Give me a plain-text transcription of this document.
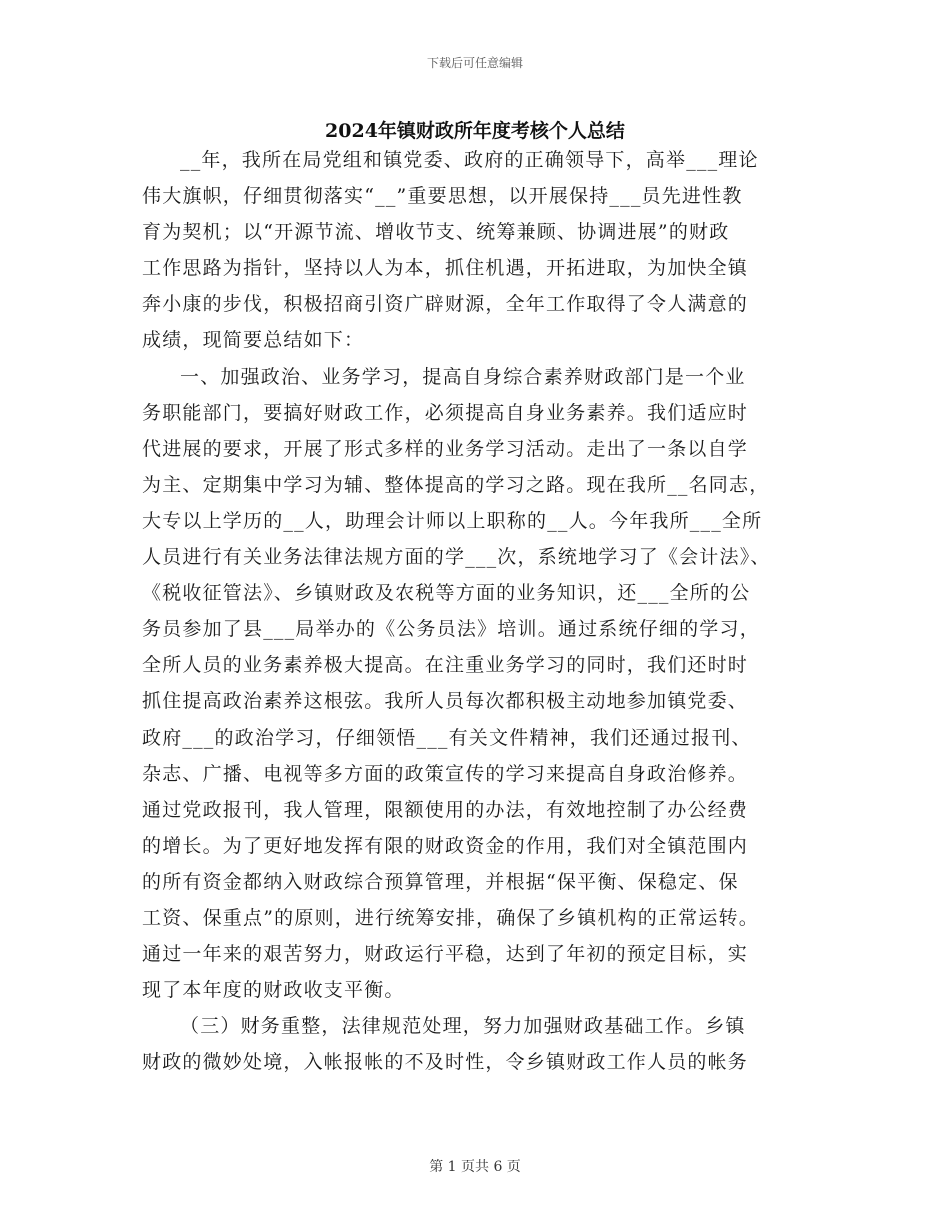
下载后可任意编辑
2024年镇财政所年度考核个人总结
__年，我所在局党组和镇党委、政府的正确领导下，高举___理论
伟大旗帜，仔细贯彻落实“__”重要思想，以开展保持___员先进性教
育为契机；以“开源节流、增收节支、统筹兼顾、协调进展”的财政
工作思路为指针，坚持以人为本，抓住机遇，开拓进取，为加快全镇
奔小康的步伐，积极招商引资广辟财源，全年工作取得了令人满意的
成绩，现简要总结如下：
一、加强政治、业务学习，提高自身综合素养财政部门是一个业
务职能部门，要搞好财政工作，必须提高自身业务素养。我们适应时
代进展的要求，开展了形式多样的业务学习活动。走出了一条以自学
为主、定期集中学习为辅、整体提高的学习之路。现在我所__名同志，
大专以上学历的__人，助理会计师以上职称的__人。今年我所___全所
人员进行有关业务法律法规方面的学___次，系统地学习了《会计法》、
《税收征管法》、乡镇财政及农税等方面的业务知识，还___全所的公
务员参加了县___局举办的《公务员法》培训。通过系统仔细的学习，
全所人员的业务素养极大提高。在注重业务学习的同时，我们还时时
抓住提高政治素养这根弦。我所人员每次都积极主动地参加镇党委、
政府___的政治学习，仔细领悟___有关文件精神，我们还通过报刊、
杂志、广播、电视等多方面的政策宣传的学习来提高自身政治修养。
通过党政报刊，我人管理，限额使用的办法，有效地控制了办公经费
的增长。为了更好地发挥有限的财政资金的作用，我们对全镇范围内
的所有资金都纳入财政综合预算管理，并根据“保平衡、保稳定、保
工资、保重点”的原则，进行统筹安排，确保了乡镇机构的正常运转。
通过一年来的艰苦努力，财政运行平稳，达到了年初的预定目标，实
现了本年度的财政收支平衡。
（三）财务重整，法律规范处理，努力加强财政基础工作。乡镇
财政的微妙处境，入帐报帐的不及时性，令乡镇财政工作人员的帐务
第 1 页共 6 页
